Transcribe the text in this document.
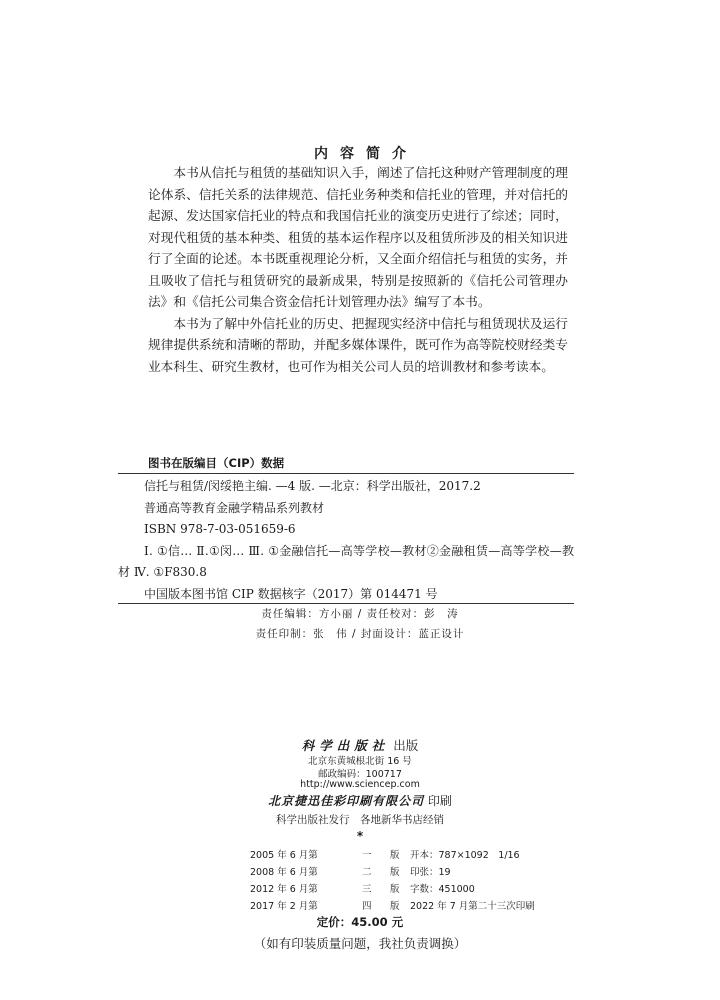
内容简介

本书从信托与租赁的基础知识入手，阐述了信托这种财产管理制度的理论体系、信托关系的法律规范、信托业务种类和信托业的管理，并对信托的起源、发达国家信托业的特点和我国信托业的演变历史进行了综述；同时，对现代租赁的基本种类、租赁的基本运作程序以及租赁所涉及的相关知识进行了全面的论述。本书既重视理论分析，又全面介绍信托与租赁的实务，并且吸收了信托与租赁研究的最新成果，特别是按照新的《信托公司管理办法》和《信托公司集合资金信托计划管理办法》编写了本书。

本书为了解中外信托业的历史、把握现实经济中信托与租赁现状及运行规律提供系统和清晰的帮助，并配多媒体课件，既可作为高等院校财经类专业本科生、研究生教材，也可作为相关公司人员的培训教材和参考读本。

图书在版编目（CIP）数据
信托与租赁/闵绥艳主编. —4 版. —北京：科学出版社，2017.2
普通高等教育金融学精品系列教材
ISBN 978-7-03-051659-6
Ⅰ. ①信… Ⅱ.①闵… Ⅲ. ①金融信托—高等学校—教材②金融租赁—高等学校—教材 Ⅳ. ①F830.8
中国版本图书馆 CIP 数据核字（2017）第 014471 号
责任编辑：方小丽 / 责任校对：彭　涛
责任印制：张　伟 / 封面设计：蓝正设计
科学出版社 出版
北京东黄城根北街 16 号
邮政编码：100717
http://www.sciencep.com
北京捷迅佳彩印刷有限公司 印刷
科学出版社发行　各地新华书店经销
*
2005 年 6 月第	一 版 开本：787×1092　1/16
2008 年 6 月第	二 版 印张：19
2012 年 6 月第	三 版 字数：451000
2017 年 2 月第	四 版 2022 年 7 月第二十三次印刷
定价：45.00 元
（如有印装质量问题，我社负责调换）
